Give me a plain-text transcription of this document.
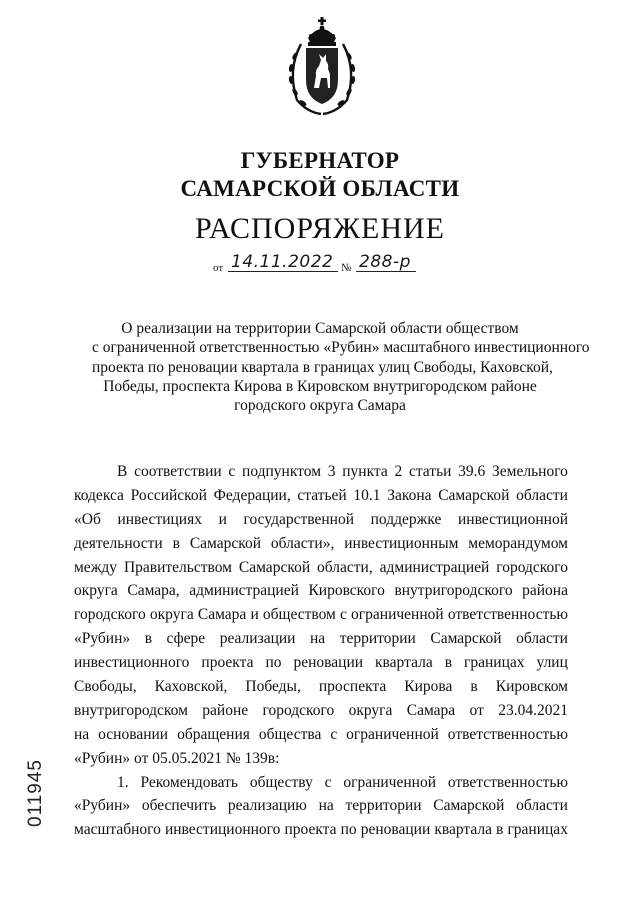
ГУБЕРНАТОР
САМАРСКОЙ ОБЛАСТИ
РАСПОРЯЖЕНИЕ
от 14.11.2022 № 288-р
О реализации на территории Самарской области обществом
с ограниченной ответственностью «Рубин» масштабного инвестиционного
проекта по реновации квартала в границах улиц Свободы, Каховской,
Победы, проспекта Кирова в Кировском внутригородском районе
городского округа Самара
В соответствии с подпунктом 3 пункта 2 статьи 39.6 Земельного
кодекса Российской Федерации, статьей 10.1 Закона Самарской области
«Об инвестициях и государственной поддержке инвестиционной
деятельности в Самарской области», инвестиционным меморандумом
между Правительством Самарской области, администрацией городского
округа Самара, администрацией Кировского внутригородского района
городского округа Самара и обществом с ограниченной ответственностью
«Рубин» в сфере реализации на территории Самарской области
инвестиционного проекта по реновации квартала в границах улиц
Свободы, Каховской, Победы, проспекта Кирова в Кировском
внутригородском районе городского округа Самара от 23.04.2021
на основании обращения общества с ограниченной ответственностью
«Рубин» от 05.05.2021 № 139в:
1. Рекомендовать обществу с ограниченной ответственностью
«Рубин» обеспечить реализацию на территории Самарской области
масштабного инвестиционного проекта по реновации квартала в границах
011945
